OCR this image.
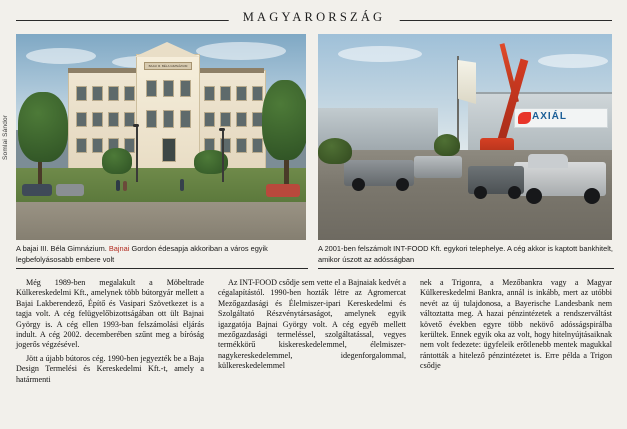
Somlai Sándor
MAGYARORSZÁG
BAJAI III. BÉLA GIMNÁZIUM
AXIÁL
A bajai III. Béla Gimnázium. Bajnai Gordon édesapja akkoriban a város egyik legbefolyásosabb embere volt
A 2001-ben felszámolt INT-FOOD Kft. egykori telephelye. A cég akkor is kaptott bankhitelt, amikor úszott az adósságban

Még 1989-ben megalakult a Möbeltrade Külkereskedelmi Kft., amelynek több bútorgyár mellett a Bajai Lakberendező, Építő és Vasipari Szövetkezet is a tagja volt. A cég felügyelőbizottságában ott ült Bajnai György is. A cég ellen 1993-ban felszámolási eljárás indult. A cég 2002. decemberében szűnt meg a bíróság jogerős végzésével.

Jött a újabb bútoros cég. 1990-ben jegyezték be a Baja Design Termelési és Kereskedelmi Kft.-t, amely a határmenti

Az INT-FOOD csődje sem vette el a Bajnaiak kedvét a cégalapítástól. 1990-ben hozták létre az Agromercat Mezőgazdasági és Élelmiszer-ipari Kereskedelmi és Szolgáltató Részvénytársaságot, amelynek egyik igazgatója Bajnai György volt. A cég egyéb mellett mezőgazdasági termeléssel, szolgáltatással, vegyes termékkörű kiskereskedelemmel, élelmiszer-nagykereskedelemmel, idegenforgalommal, külkereskedelemmel

nek a Trigonra, a Mezőbankra vagy a Magyar Külkereskedelmi Bankra, annál is inkább, mert az utóbbi nevét az új tulajdonosa, a Bayerische Landesbank nem változtatta meg. A hazai pénzintézetek a rendszerváltást követő években egyre több nekövő adósságspirálba kerültek. Ennek egyik oka az volt, hogy hitelnyújtásaiknak nem volt fedezete: ügyfeleik erőtlenebb mentek magukkal rántották a hitelező pénzintézetet is. Erre példa a Trigon csődje
